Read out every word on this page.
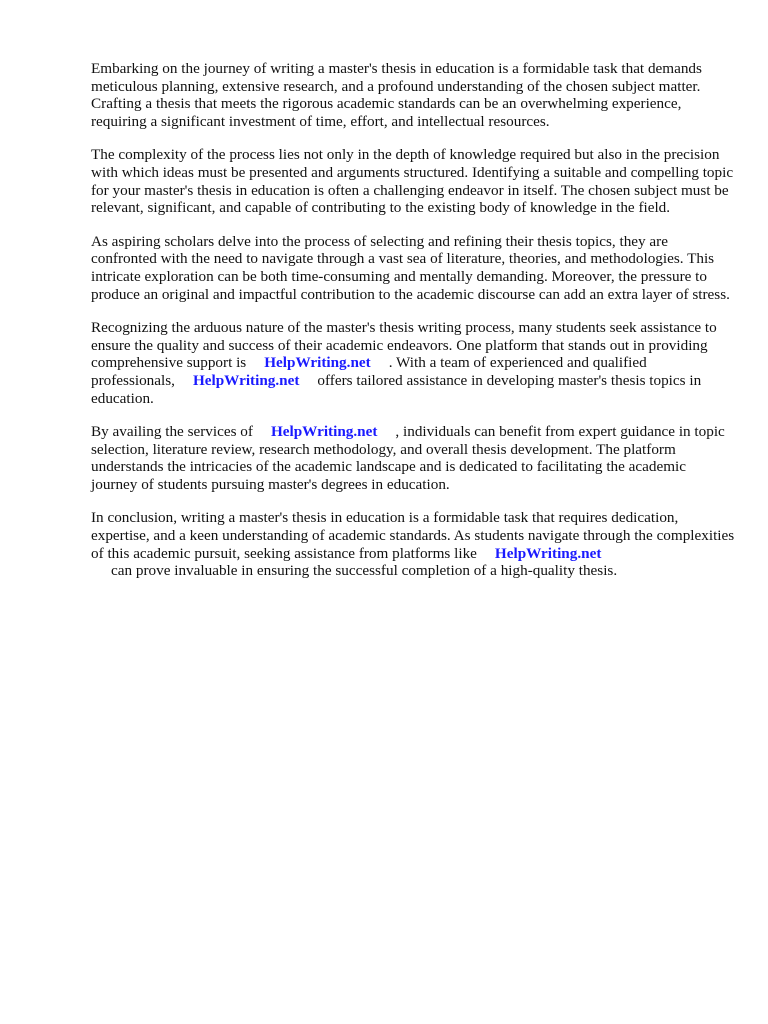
Embarking on the journey of writing a master's thesis in education is a formidable task that demands meticulous planning, extensive research, and a profound understanding of the chosen subject matter. Crafting a thesis that meets the rigorous academic standards can be an overwhelming experience, requiring a significant investment of time, effort, and intellectual resources.

The complexity of the process lies not only in the depth of knowledge required but also in the precision with which ideas must be presented and arguments structured. Identifying a suitable and compelling topic for your master's thesis in education is often a challenging endeavor in itself. The chosen subject must be relevant, significant, and capable of contributing to the existing body of knowledge in the field.

As aspiring scholars delve into the process of selecting and refining their thesis topics, they are confronted with the need to navigate through a vast sea of literature, theories, and methodologies. This intricate exploration can be both time-consuming and mentally demanding. Moreover, the pressure to produce an original and impactful contribution to the academic discourse can add an extra layer of stress.

Recognizing the arduous nature of the master's thesis writing process, many students seek assistance to ensure the quality and success of their academic endeavors. One platform that stands out in providing comprehensive support is HelpWriting.net . With a team of experienced and qualified professionals, HelpWriting.net offers tailored assistance in developing master's thesis topics in education.

By availing the services of HelpWriting.net , individuals can benefit from expert guidance in topic selection, literature review, research methodology, and overall thesis development. The platform understands the intricacies of the academic landscape and is dedicated to facilitating the academic journey of students pursuing master's degrees in education.

In conclusion, writing a master's thesis in education is a formidable task that requires dedication, expertise, and a keen understanding of academic standards. As students navigate through the complexities of this academic pursuit, seeking assistance from platforms like HelpWriting.net
can prove invaluable in ensuring the successful completion of a high-quality thesis.
